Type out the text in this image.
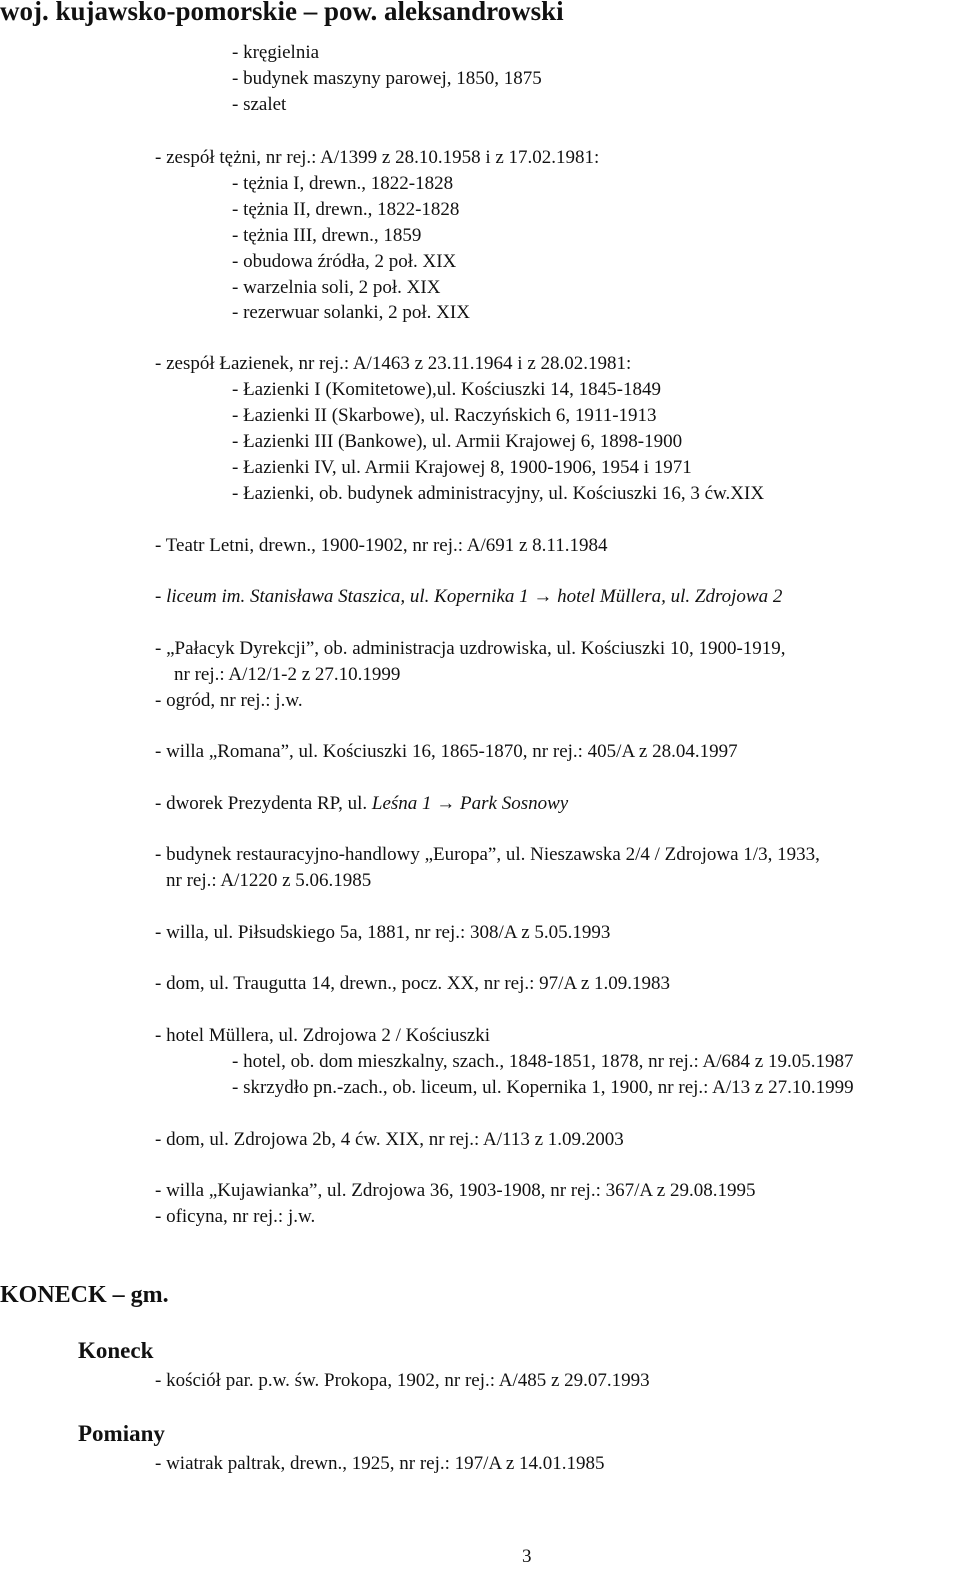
woj. kujawsko-pomorskie – pow. aleksandrowski
- kręgielnia
- budynek maszyny parowej, 1850, 1875
- szalet
- zespół tężni, nr rej.: A/1399 z 28.10.1958 i z 17.02.1981:
- tężnia I, drewn., 1822-1828
- tężnia II, drewn., 1822-1828
- tężnia III, drewn., 1859
- obudowa źródła, 2 poł. XIX
- warzelnia soli, 2 poł. XIX
- rezerwuar solanki, 2 poł. XIX
- zespół Łazienek, nr rej.: A/1463 z 23.11.1964 i z 28.02.1981:
- Łazienki I (Komitetowe),ul. Kościuszki 14, 1845-1849
- Łazienki II (Skarbowe), ul. Raczyńskich 6, 1911-1913
- Łazienki III (Bankowe), ul. Armii Krajowej 6, 1898-1900
- Łazienki IV, ul. Armii Krajowej 8, 1900-1906, 1954 i 1971
- Łazienki, ob. budynek administracyjny, ul. Kościuszki 16, 3 ćw.XIX
- Teatr Letni, drewn., 1900-1902, nr rej.: A/691 z 8.11.1984
- liceum im. Stanisława Staszica, ul. Kopernika 1 → hotel Müllera, ul. Zdrojowa 2
- „Pałacyk Dyrekcji”, ob. administracja uzdrowiska, ul. Kościuszki 10, 1900-1919,
nr rej.: A/12/1-2 z 27.10.1999
- ogród, nr rej.: j.w.
- willa „Romana”, ul. Kościuszki 16, 1865-1870, nr rej.: 405/A z 28.04.1997
- dworek Prezydenta RP, ul. Leśna 1 → Park Sosnowy
- budynek restauracyjno-handlowy „Europa”, ul. Nieszawska 2/4 / Zdrojowa 1/3, 1933,
nr rej.: A/1220 z 5.06.1985
- willa, ul. Piłsudskiego 5a, 1881, nr rej.: 308/A z 5.05.1993
- dom, ul. Traugutta 14, drewn., pocz. XX, nr rej.: 97/A z 1.09.1983
- hotel Müllera, ul. Zdrojowa 2 / Kościuszki
- hotel, ob. dom mieszkalny, szach., 1848-1851, 1878, nr rej.: A/684 z 19.05.1987
- skrzydło pn.-zach., ob. liceum, ul. Kopernika 1, 1900, nr rej.: A/13 z 27.10.1999
- dom, ul. Zdrojowa 2b, 4 ćw. XIX, nr rej.: A/113 z 1.09.2003
- willa „Kujawianka”, ul. Zdrojowa 36, 1903-1908, nr rej.: 367/A z 29.08.1995
- oficyna, nr rej.: j.w.
KONECK – gm.
Koneck
- kościół par. p.w. św. Prokopa, 1902, nr rej.: A/485 z 29.07.1993
Pomiany
- wiatrak paltrak, drewn., 1925, nr rej.: 197/A z 14.01.1985
3
